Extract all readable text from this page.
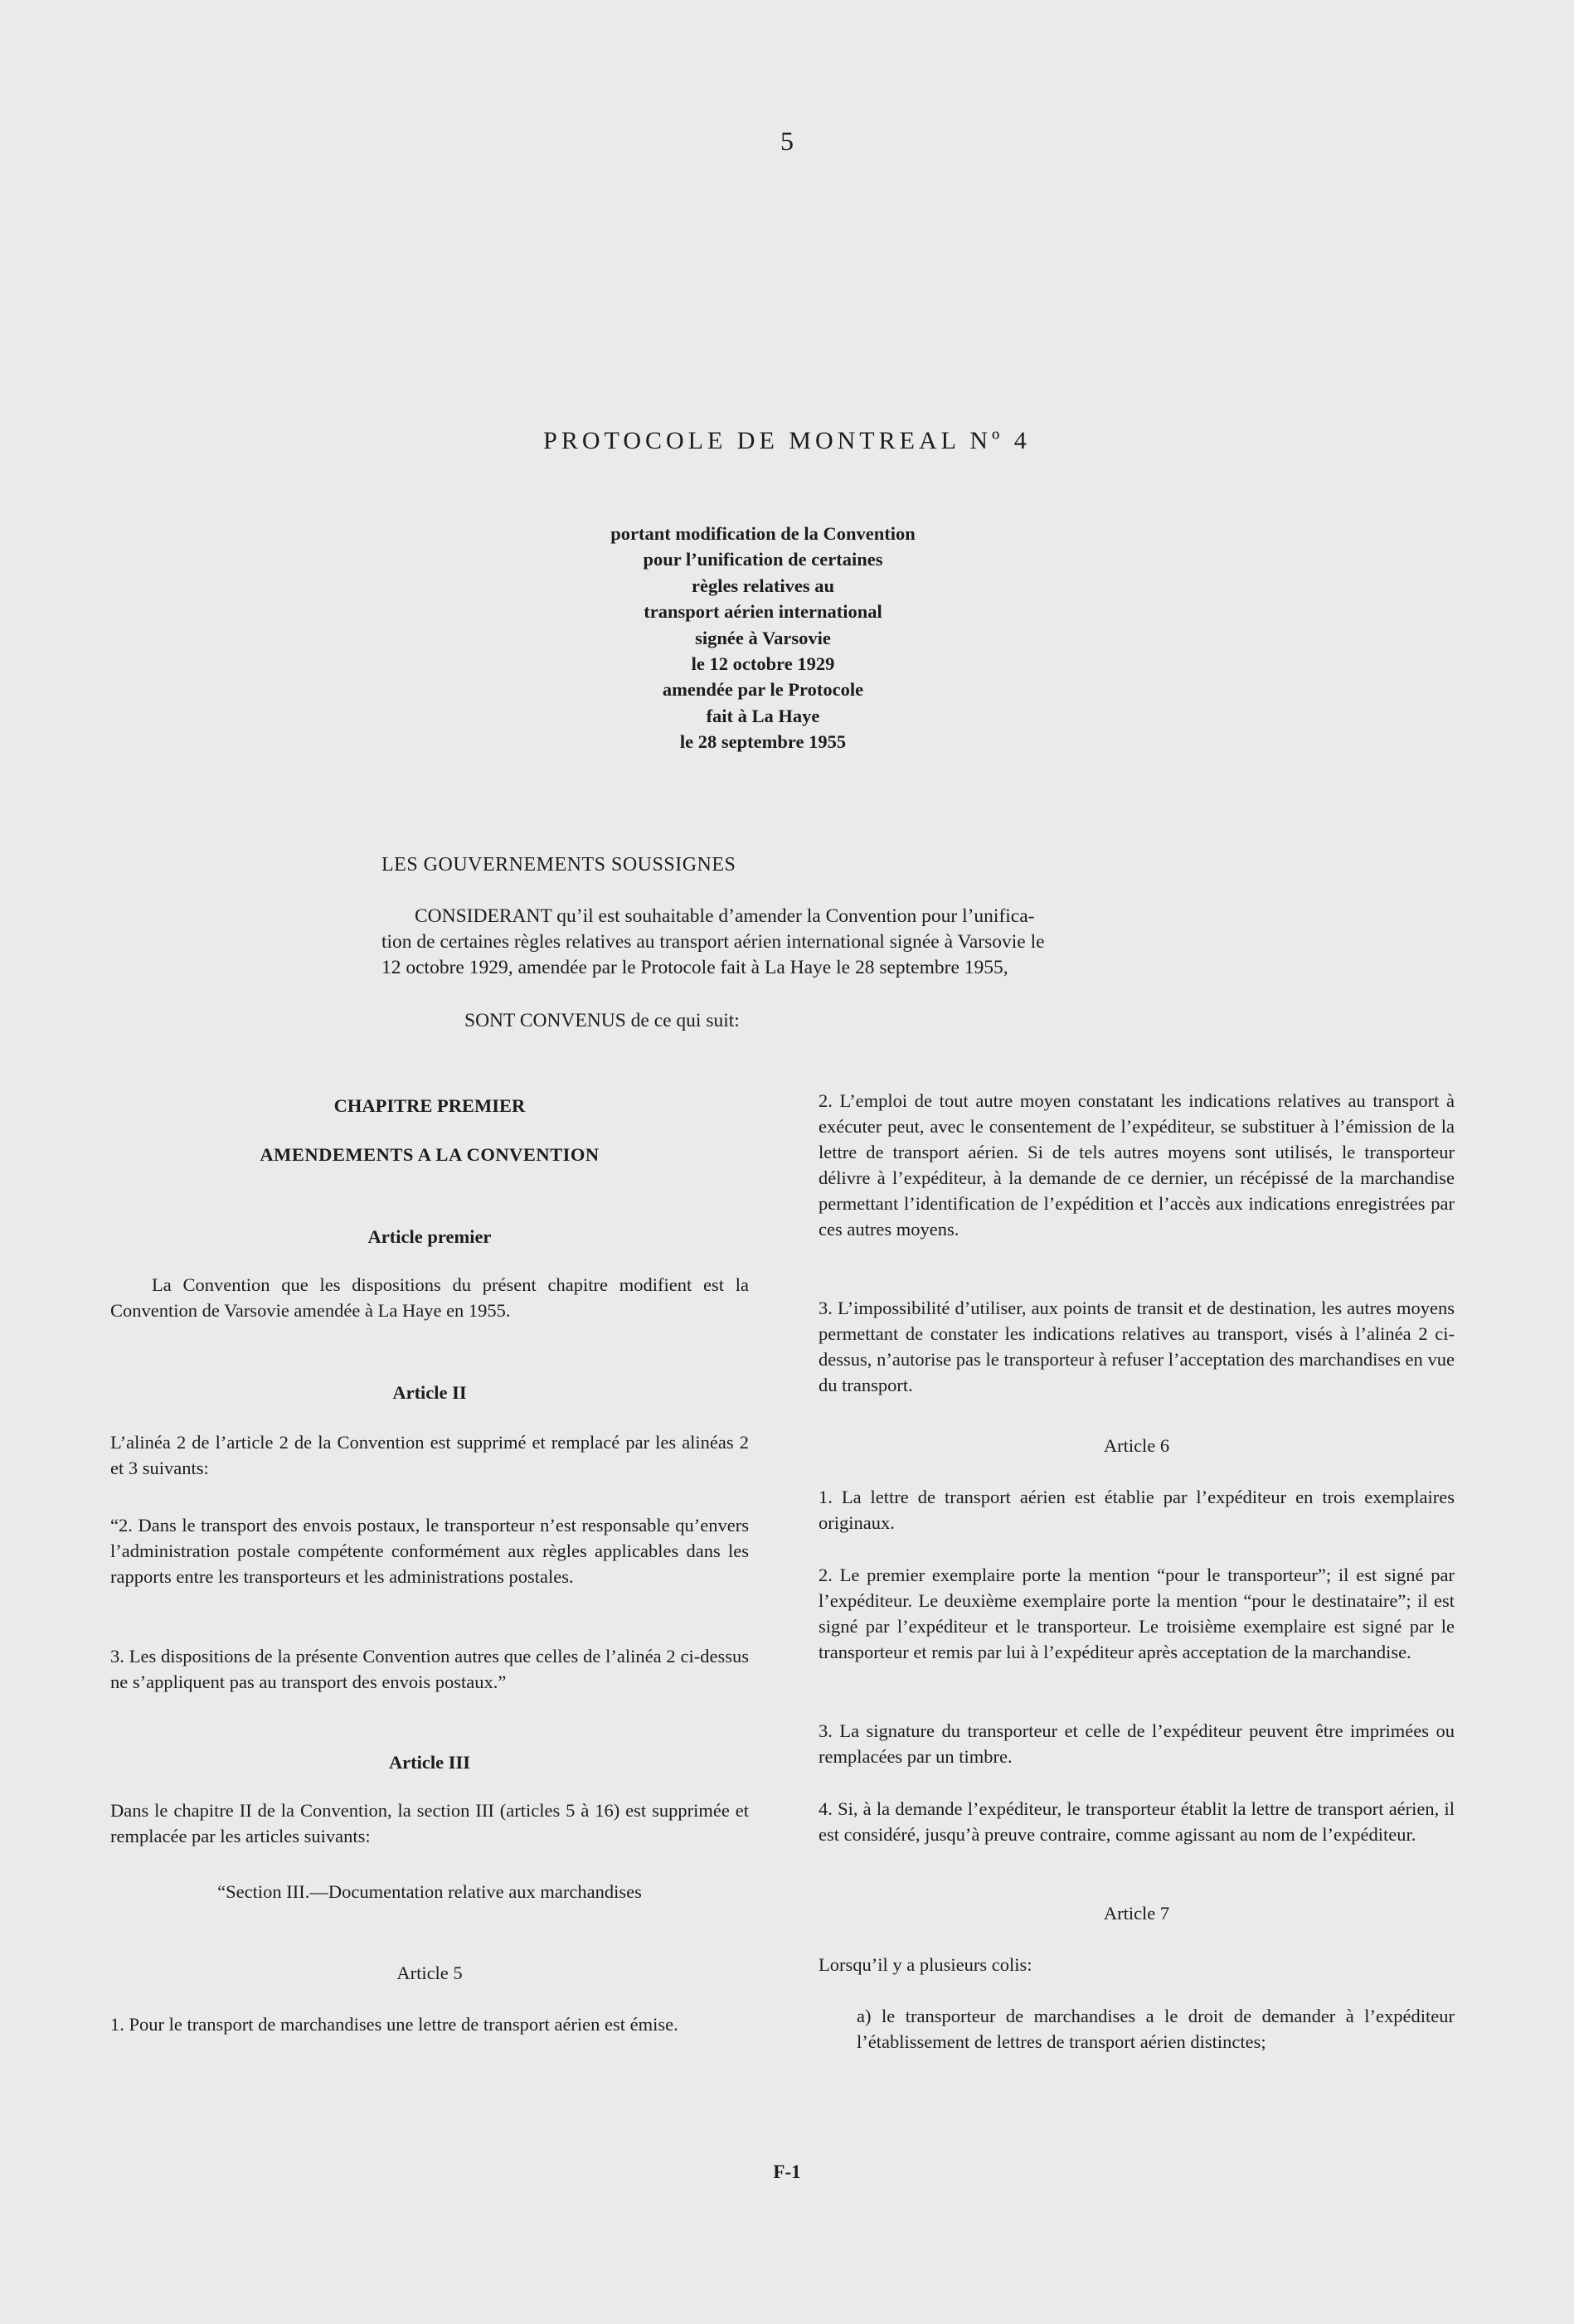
5
PROTOCOLE DE MONTREAL Nº 4
portant modification de la Convention
pour l’unification de certaines
règles relatives au
transport aérien international
signée à Varsovie
le 12 octobre 1929
amendée par le Protocole
fait à La Haye
le 28 septembre 1955
LES GOUVERNEMENTS SOUSSIGNES
CONSIDERANT qu’il est souhaitable d’amender la Convention pour l’unifica-
tion de certaines règles relatives au transport aérien international signée à Varsovie le
12 octobre 1929, amendée par le Protocole fait à La Haye le 28 septembre 1955,
SONT CONVENUS de ce qui suit:
CHAPITRE PREMIER
AMENDEMENTS A LA CONVENTION
Article premier
La Convention que les dispositions du présent chapitre modifient est la Convention de Varsovie amendée à La Haye en 1955.
Article II
L’alinéa 2 de l’article 2 de la Convention est supprimé et remplacé par les alinéas 2 et 3 suivants:
“2. Dans le transport des envois postaux, le transporteur n’est responsable qu’envers l’administration postale compétente conformément aux règles applicables dans les rapports entre les transporteurs et les administrations postales.
3. Les dispositions de la présente Convention autres que celles de l’alinéa 2 ci-dessus ne s’appliquent pas au transport des envois postaux.”
Article III
Dans le chapitre II de la Convention, la section III (articles 5 à 16) est supprimée et remplacée par les articles suivants:
“Section III.—Documentation relative aux marchandises
Article 5
1. Pour le transport de marchandises une lettre de transport aérien est émise.
2. L’emploi de tout autre moyen constatant les indications relatives au transport à exécuter peut, avec le consentement de l’expéditeur, se substituer à l’émission de la lettre de transport aérien. Si de tels autres moyens sont utilisés, le transporteur délivre à l’expéditeur, à la demande de ce dernier, un récépissé de la marchandise permettant l’identification de l’expédition et l’accès aux indications enregistrées par ces autres moyens.
3. L’impossibilité d’utiliser, aux points de transit et de destination, les autres moyens permettant de constater les indications relatives au transport, visés à l’alinéa 2 ci-dessus, n’autorise pas le transporteur à refuser l’acceptation des marchandises en vue du transport.
Article 6
1. La lettre de transport aérien est établie par l’expéditeur en trois exemplaires originaux.
2. Le premier exemplaire porte la mention “pour le transporteur”; il est signé par l’expéditeur. Le deuxième exemplaire porte la mention “pour le destinataire”; il est signé par l’expéditeur et le transporteur. Le troisième exemplaire est signé par le transporteur et remis par lui à l’expéditeur après acceptation de la marchandise.
3. La signature du transporteur et celle de l’expéditeur peuvent être imprimées ou remplacées par un timbre.
4. Si, à la demande l’expéditeur, le transporteur établit la lettre de transport aérien, il est considéré, jusqu’à preuve contraire, comme agissant au nom de l’expéditeur.
Article 7
Lorsqu’il y a plusieurs colis:
a) le transporteur de marchandises a le droit de demander à l’expéditeur l’établissement de lettres de transport aérien distinctes;
F-1
